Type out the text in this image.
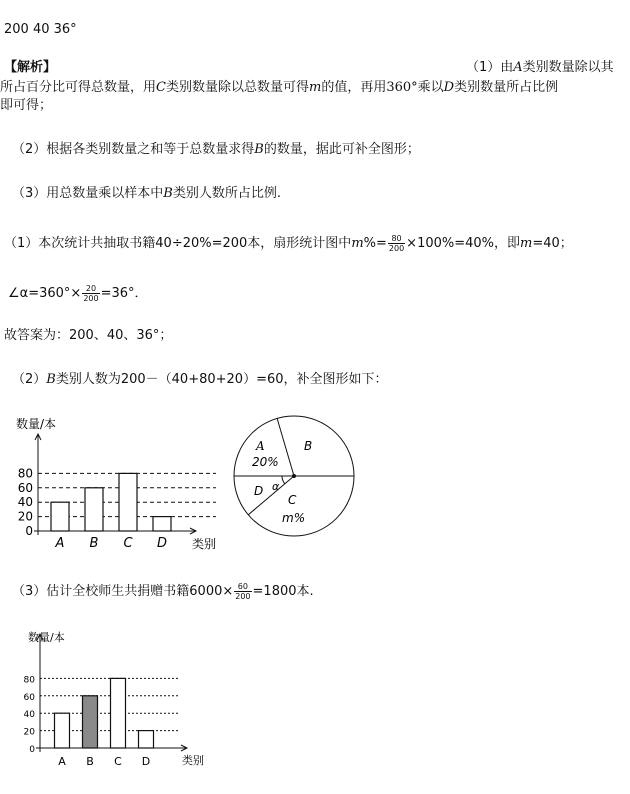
200 40 36°
【解析】	（1）由A类别数量除以其
所占百分比可得总数量，用C类别数量除以总数量可得m的值，再用360°乘以D类别数量所占比例
即可得；
（2）根据各类别数量之和等于总数量求得B的数量，据此可补全图形；
（3）用总数量乘以样本中B类别人数所占比例.
（1）本次统计共抽取书籍40÷20%=200本，扇形统计图中$m\%= \frac{80}{200} \times 100\%=40\%$，即m=40；
∠α=360°× $\frac{20}{200} =36^\circ$．
故答案为：200、40、36°；
（2）B类别人数为200－（40+80+20）=60，补全图形如下：
数量/本
类别
0
20
40
60
80
A B C D
A
20%
B
D α
C
m%
（3）估计全校师生共捐赠书籍$6000\times \frac{60}{200} =1800$本.
数量/本
类别
0
20
40
60
80
A B C D
